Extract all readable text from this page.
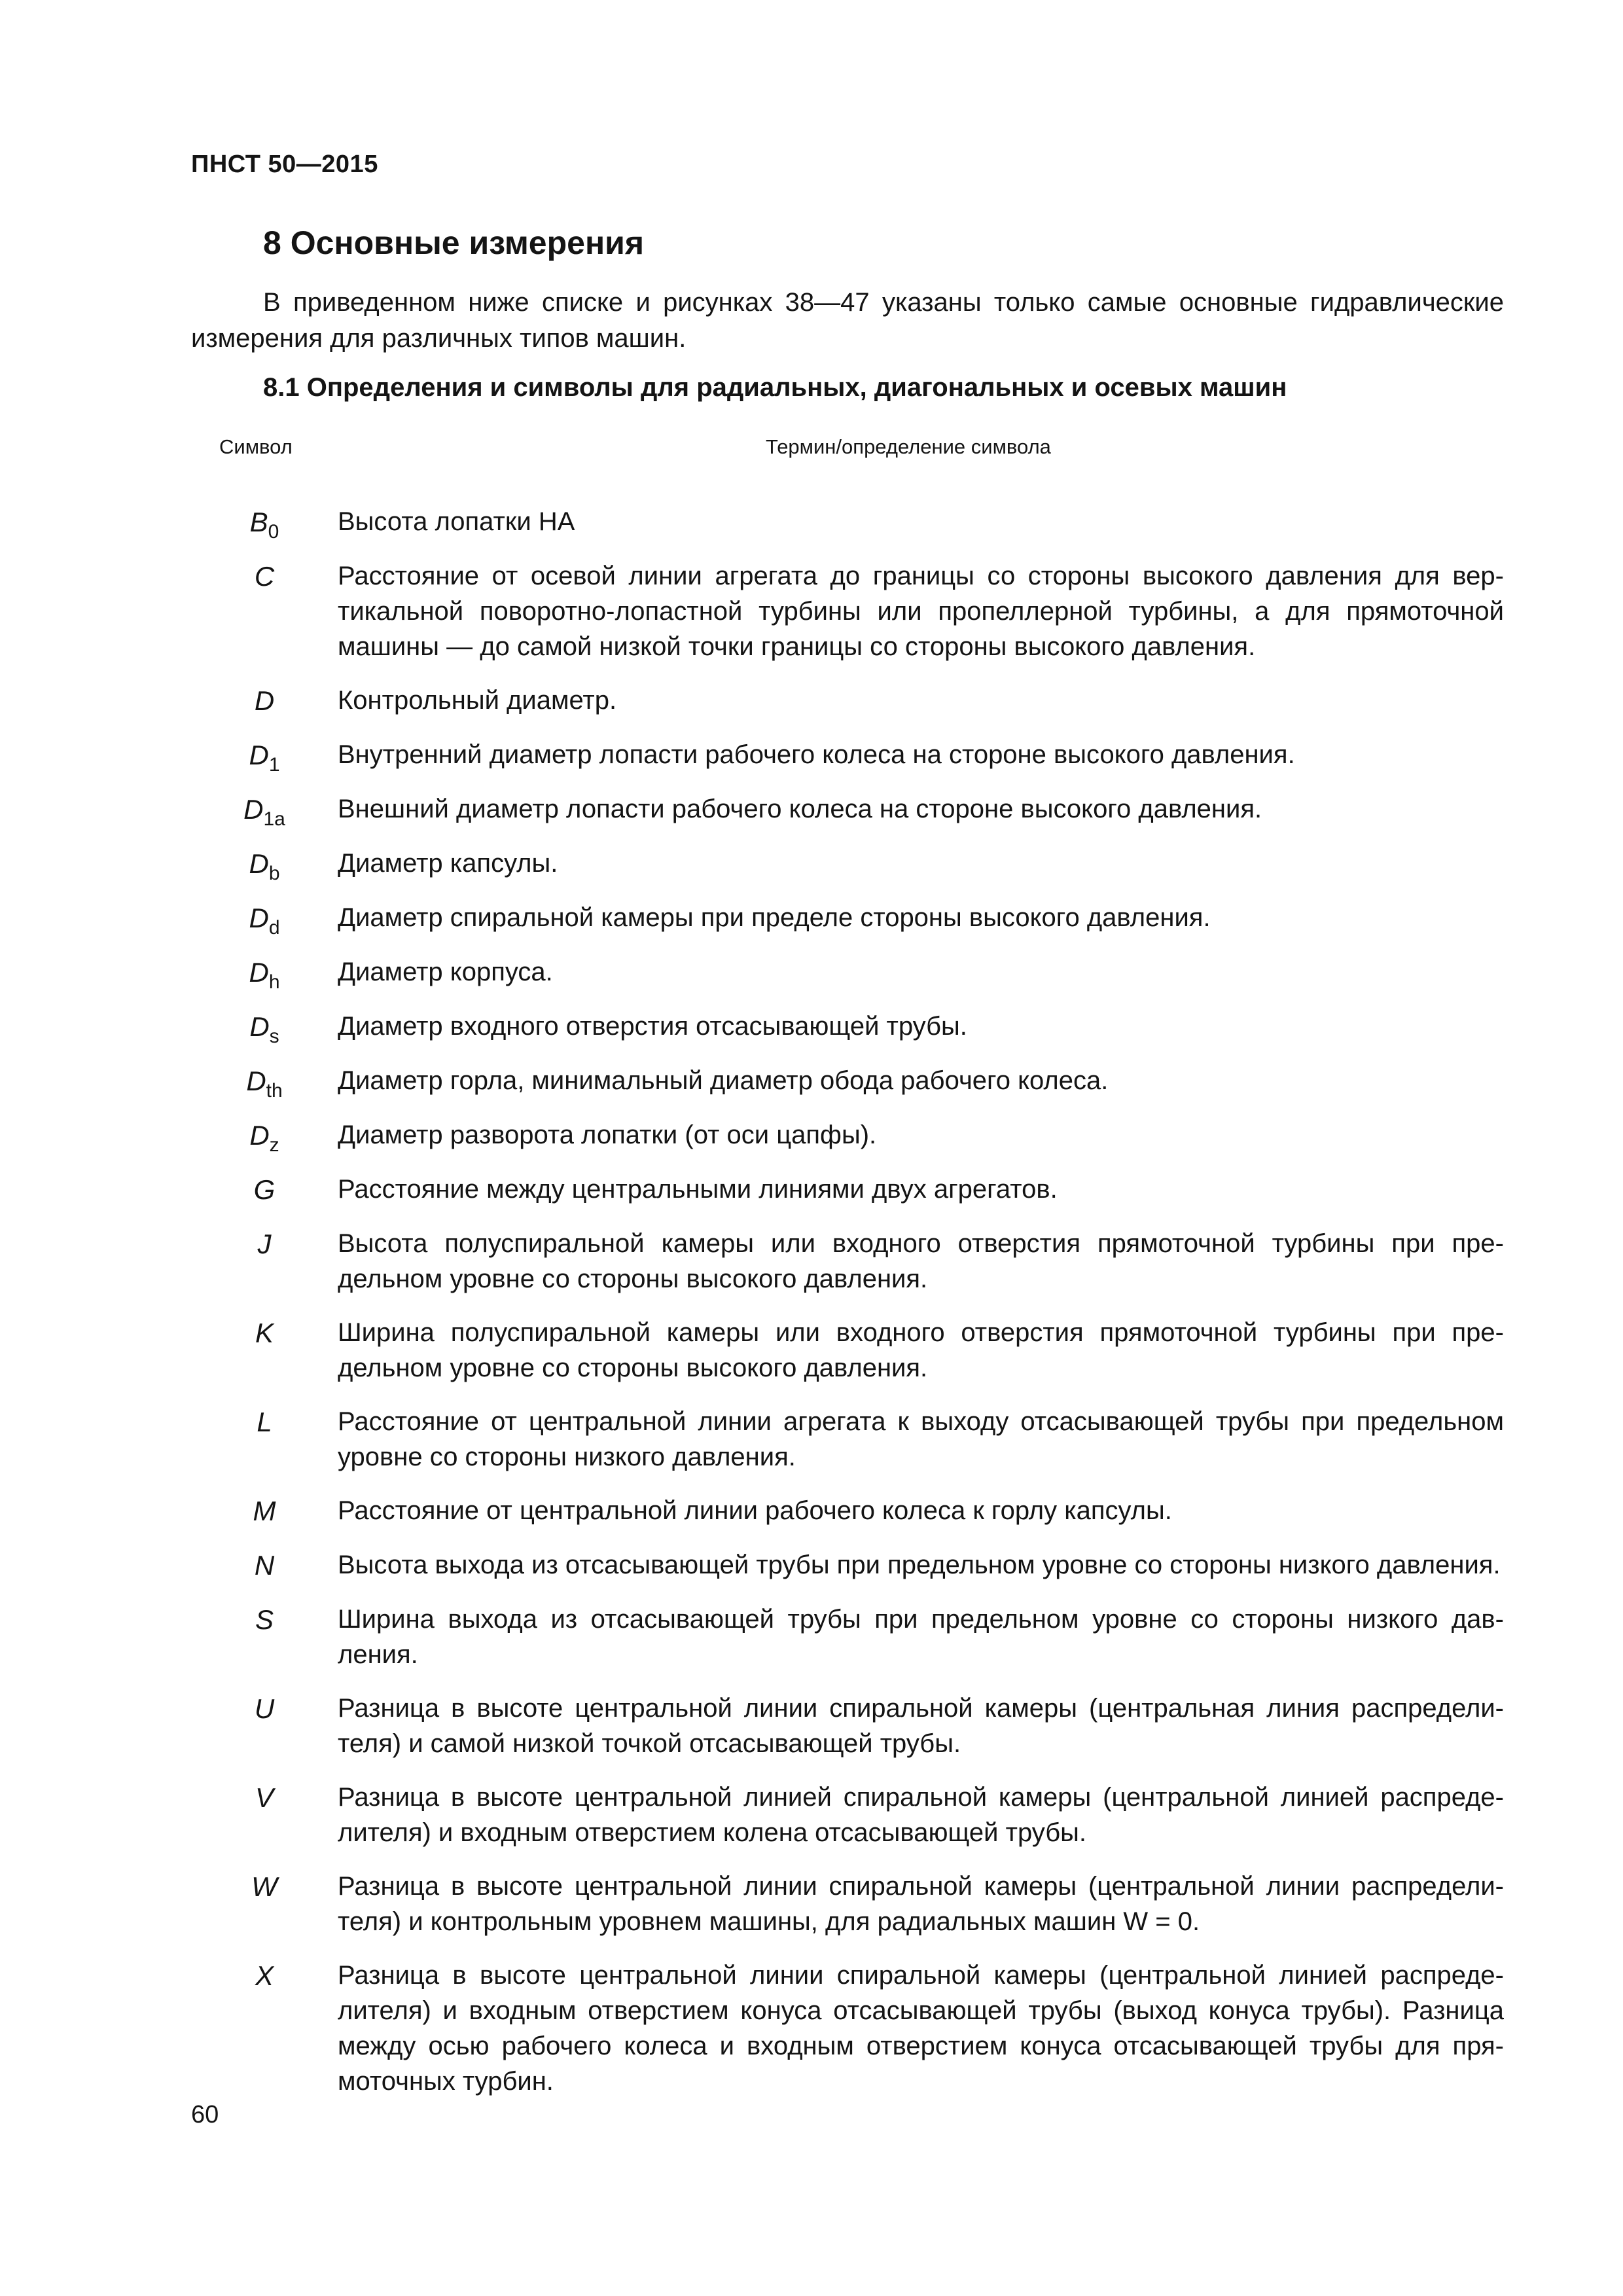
ПНСТ 50—2015
8 Основные измерения
В приведенном ниже списке и рисунках 38—47 указаны только самые основные гидравлические измерения для различных типов машин.
8.1 Определения и символы для радиальных, диагональных и осевых машин
Символ	Термин/определение символа
$B_0$	Высота лопатки НА
C	Расстояние от осевой линии агрегата до границы со стороны высокого давления для вертикальной поворотно-лопастной турбины или пропеллерной турбины, а для прямоточной машины — до самой низкой точки границы со стороны высокого давления.
D	Контрольный диаметр.
$D_1$	Внутренний диаметр лопасти рабочего колеса на стороне высокого давления.
$D_{1a}$	Внешний диаметр лопасти рабочего колеса на стороне высокого давления.
$D_b$	Диаметр капсулы.
$D_d$	Диаметр спиральной камеры при пределе стороны высокого давления.
$D_h$	Диаметр корпуса.
$D_s$	Диаметр входного отверстия отсасывающей трубы.
$D_{th}$	Диаметр горла, минимальный диаметр обода рабочего колеса.
$D_z$	Диаметр разворота лопатки (от оси цапфы).
G	Расстояние между центральными линиями двух агрегатов.
J	Высота полуспиральной камеры или входного отверстия прямоточной турбины при предельном уровне со стороны высокого давления.
K	Ширина полуспиральной камеры или входного отверстия прямоточной турбины при предельном уровне со стороны высокого давления.
L	Расстояние от центральной линии агрегата к выходу отсасывающей трубы при предельном уровне со стороны низкого давления.
M	Расстояние от центральной линии рабочего колеса к горлу капсулы.
N	Высота выхода из отсасывающей трубы при предельном уровне со стороны низкого давления.
S	Ширина выхода из отсасывающей трубы при предельном уровне со стороны низкого давления.
U	Разница в высоте центральной линии спиральной камеры (центральная линия распределителя) и самой низкой точкой отсасывающей трубы.
V	Разница в высоте центральной линией спиральной камеры (центральной линией распределителя) и входным отверстием колена отсасывающей трубы.
W	Разница в высоте центральной линии спиральной камеры (центральной линии распределителя) и контрольным уровнем машины, для радиальных машин W = 0.
X	Разница в высоте центральной линии спиральной камеры (центральной линией распределителя) и входным отверстием конуса отсасывающей трубы (выход конуса трубы). Разница между осью рабочего колеса и входным отверстием конуса отсасывающей трубы для прямоточных турбин.
60
